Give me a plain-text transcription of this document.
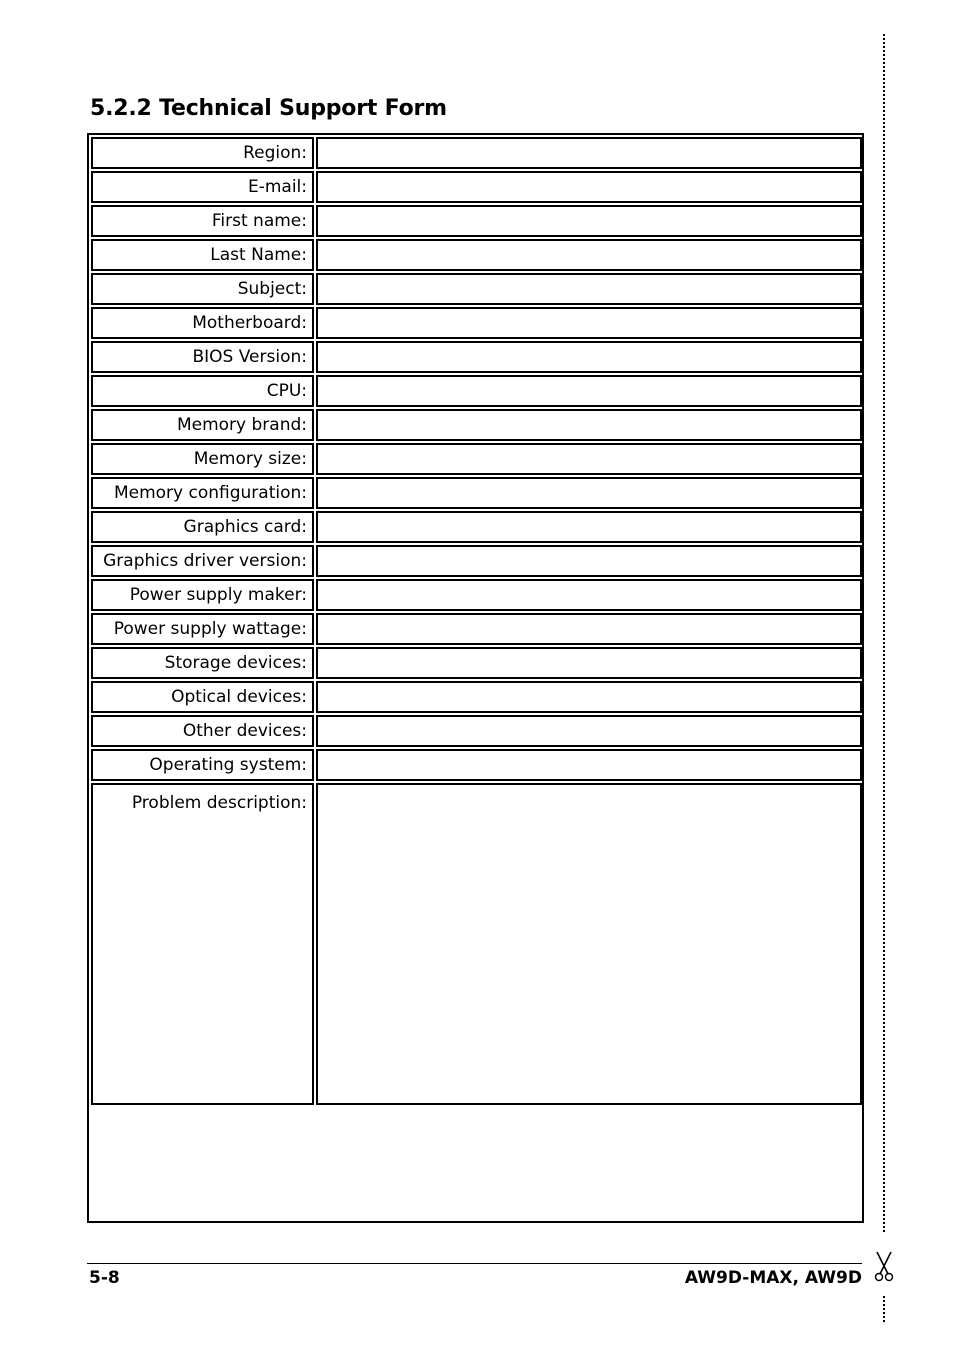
5.2.2 Technical Support Form
Region:	
E-mail:	
First name:	
Last Name:	
Subject:	
Motherboard:	
BIOS Version:	
CPU:	
Memory brand:	
Memory size:	
Memory configuration:	
Graphics card:	
Graphics driver version:	
Power supply maker:	
Power supply wattage:	
Storage devices:	
Optical devices:	
Other devices:	
Operating system:	
Problem description:	
5-8	AW9D-MAX, AW9D
